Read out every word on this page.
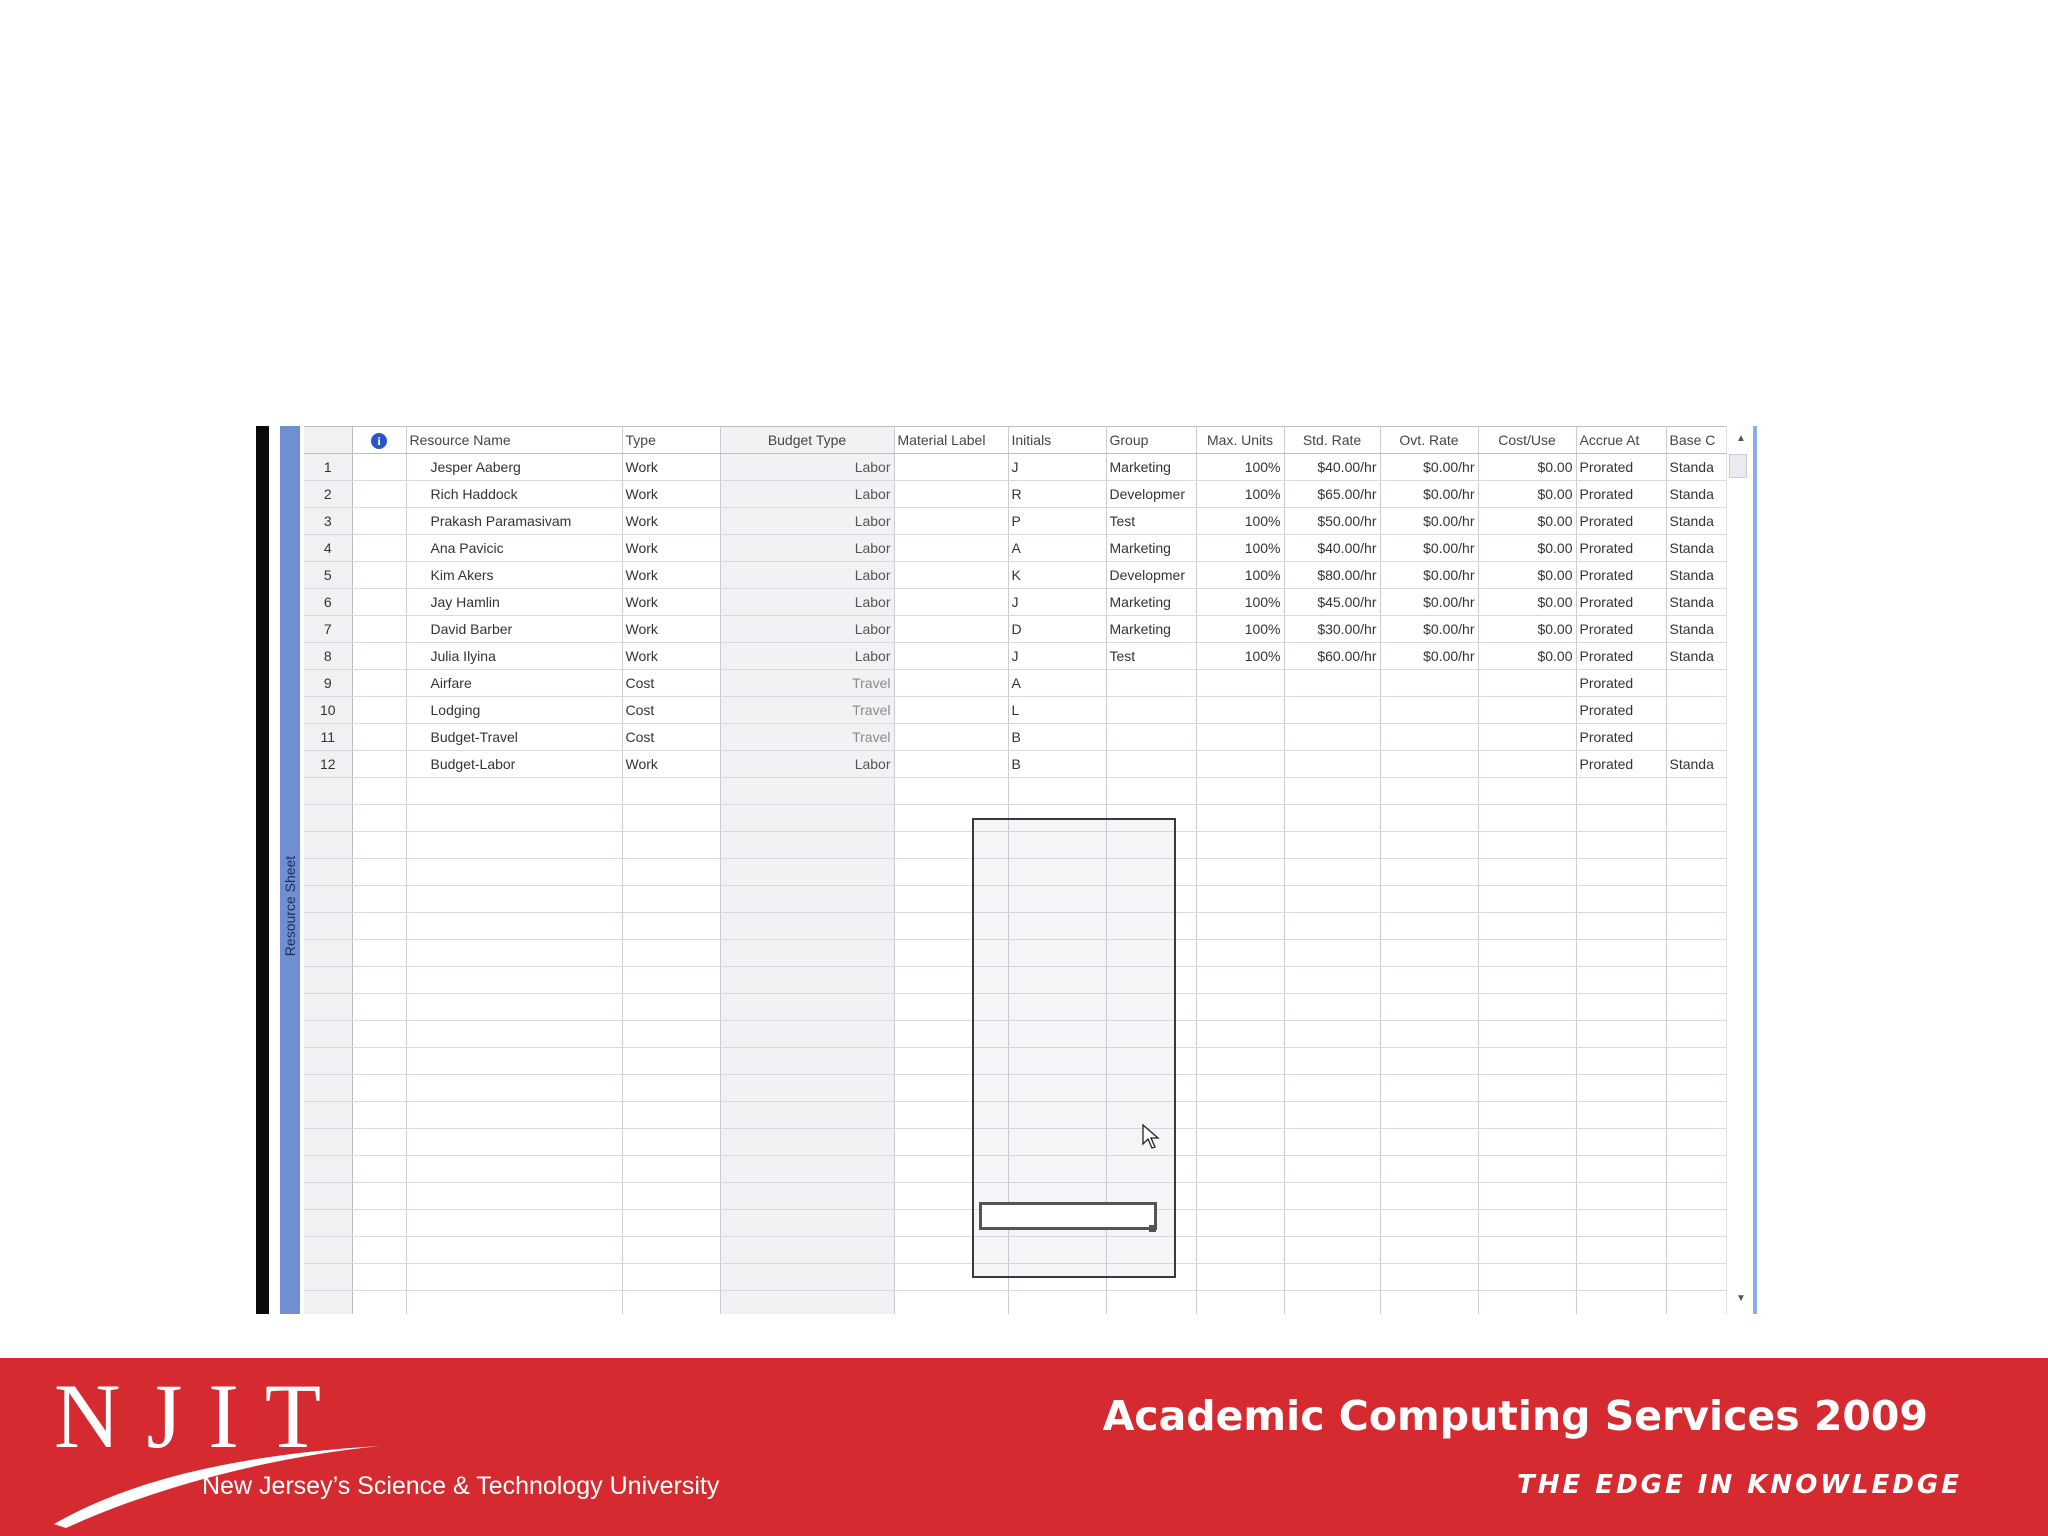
Resource Sheet
	i	Resource Name	Type	Budget Type	Material Label	Initials	Group	Max. Units	Std. Rate	Ovt. Rate	Cost/Use	Accrue At	Base C
1		Jesper Aaberg	Work	Labor		J	Marketing	100%	$40.00/hr	$0.00/hr	$0.00	Prorated	Standa
2		Rich Haddock	Work	Labor		R	Developmer	100%	$65.00/hr	$0.00/hr	$0.00	Prorated	Standa
3		Prakash Paramasivam	Work	Labor		P	Test	100%	$50.00/hr	$0.00/hr	$0.00	Prorated	Standa
4		Ana Pavicic	Work	Labor		A	Marketing	100%	$40.00/hr	$0.00/hr	$0.00	Prorated	Standa
5		Kim Akers	Work	Labor		K	Developmer	100%	$80.00/hr	$0.00/hr	$0.00	Prorated	Standa
6		Jay Hamlin	Work	Labor		J	Marketing	100%	$45.00/hr	$0.00/hr	$0.00	Prorated	Standa
7		David Barber	Work	Labor		D	Marketing	100%	$30.00/hr	$0.00/hr	$0.00	Prorated	Standa
8		Julia Ilyina	Work	Labor		J	Test	100%	$60.00/hr	$0.00/hr	$0.00	Prorated	Standa
9		Airfare	Cost	Travel		A						Prorated	
10		Lodging	Cost	Travel		L						Prorated	
11		Budget-Travel	Cost	Travel		B						Prorated	
12		Budget-Labor	Work	Labor		B						Prorated	Standa

▲
▼
NJIT
New Jersey’s Science & Technology University
Academic Computing Services 2009
THE EDGE IN KNOWLEDGE
